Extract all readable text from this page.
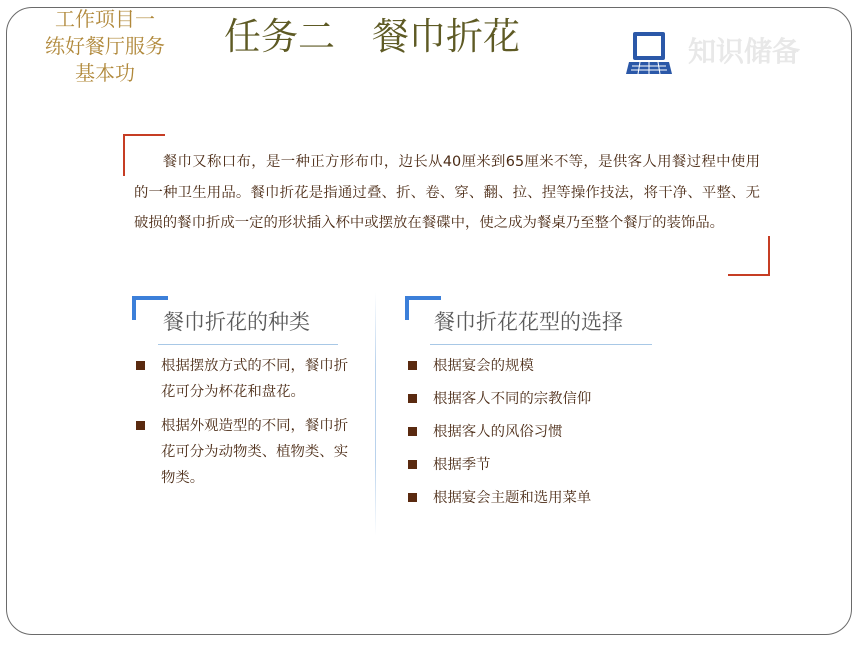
工作项目一
练好餐厅服务
基本功
任务二　餐巾折花	知识储备

餐巾又称口布，是一种正方形布巾，边长从40厘米到65厘米不等，是供客人用餐过程中使用的一种卫生用品。餐巾折花是指通过叠、折、卷、穿、翻、拉、捏等操作技法，将干净、平整、无破损的餐巾折成一定的形状插入杯中或摆放在餐碟中，使之成为餐桌乃至整个餐厅的装饰品。

餐巾折花的种类
根据摆放方式的不同，餐巾折花可分为杯花和盘花。
根据外观造型的不同，餐巾折花可分为动物类、植物类、实物类。
餐巾折花花型的选择
根据宴会的规模
根据客人不同的宗教信仰
根据客人的风俗习惯
根据季节
根据宴会主题和选用菜单
